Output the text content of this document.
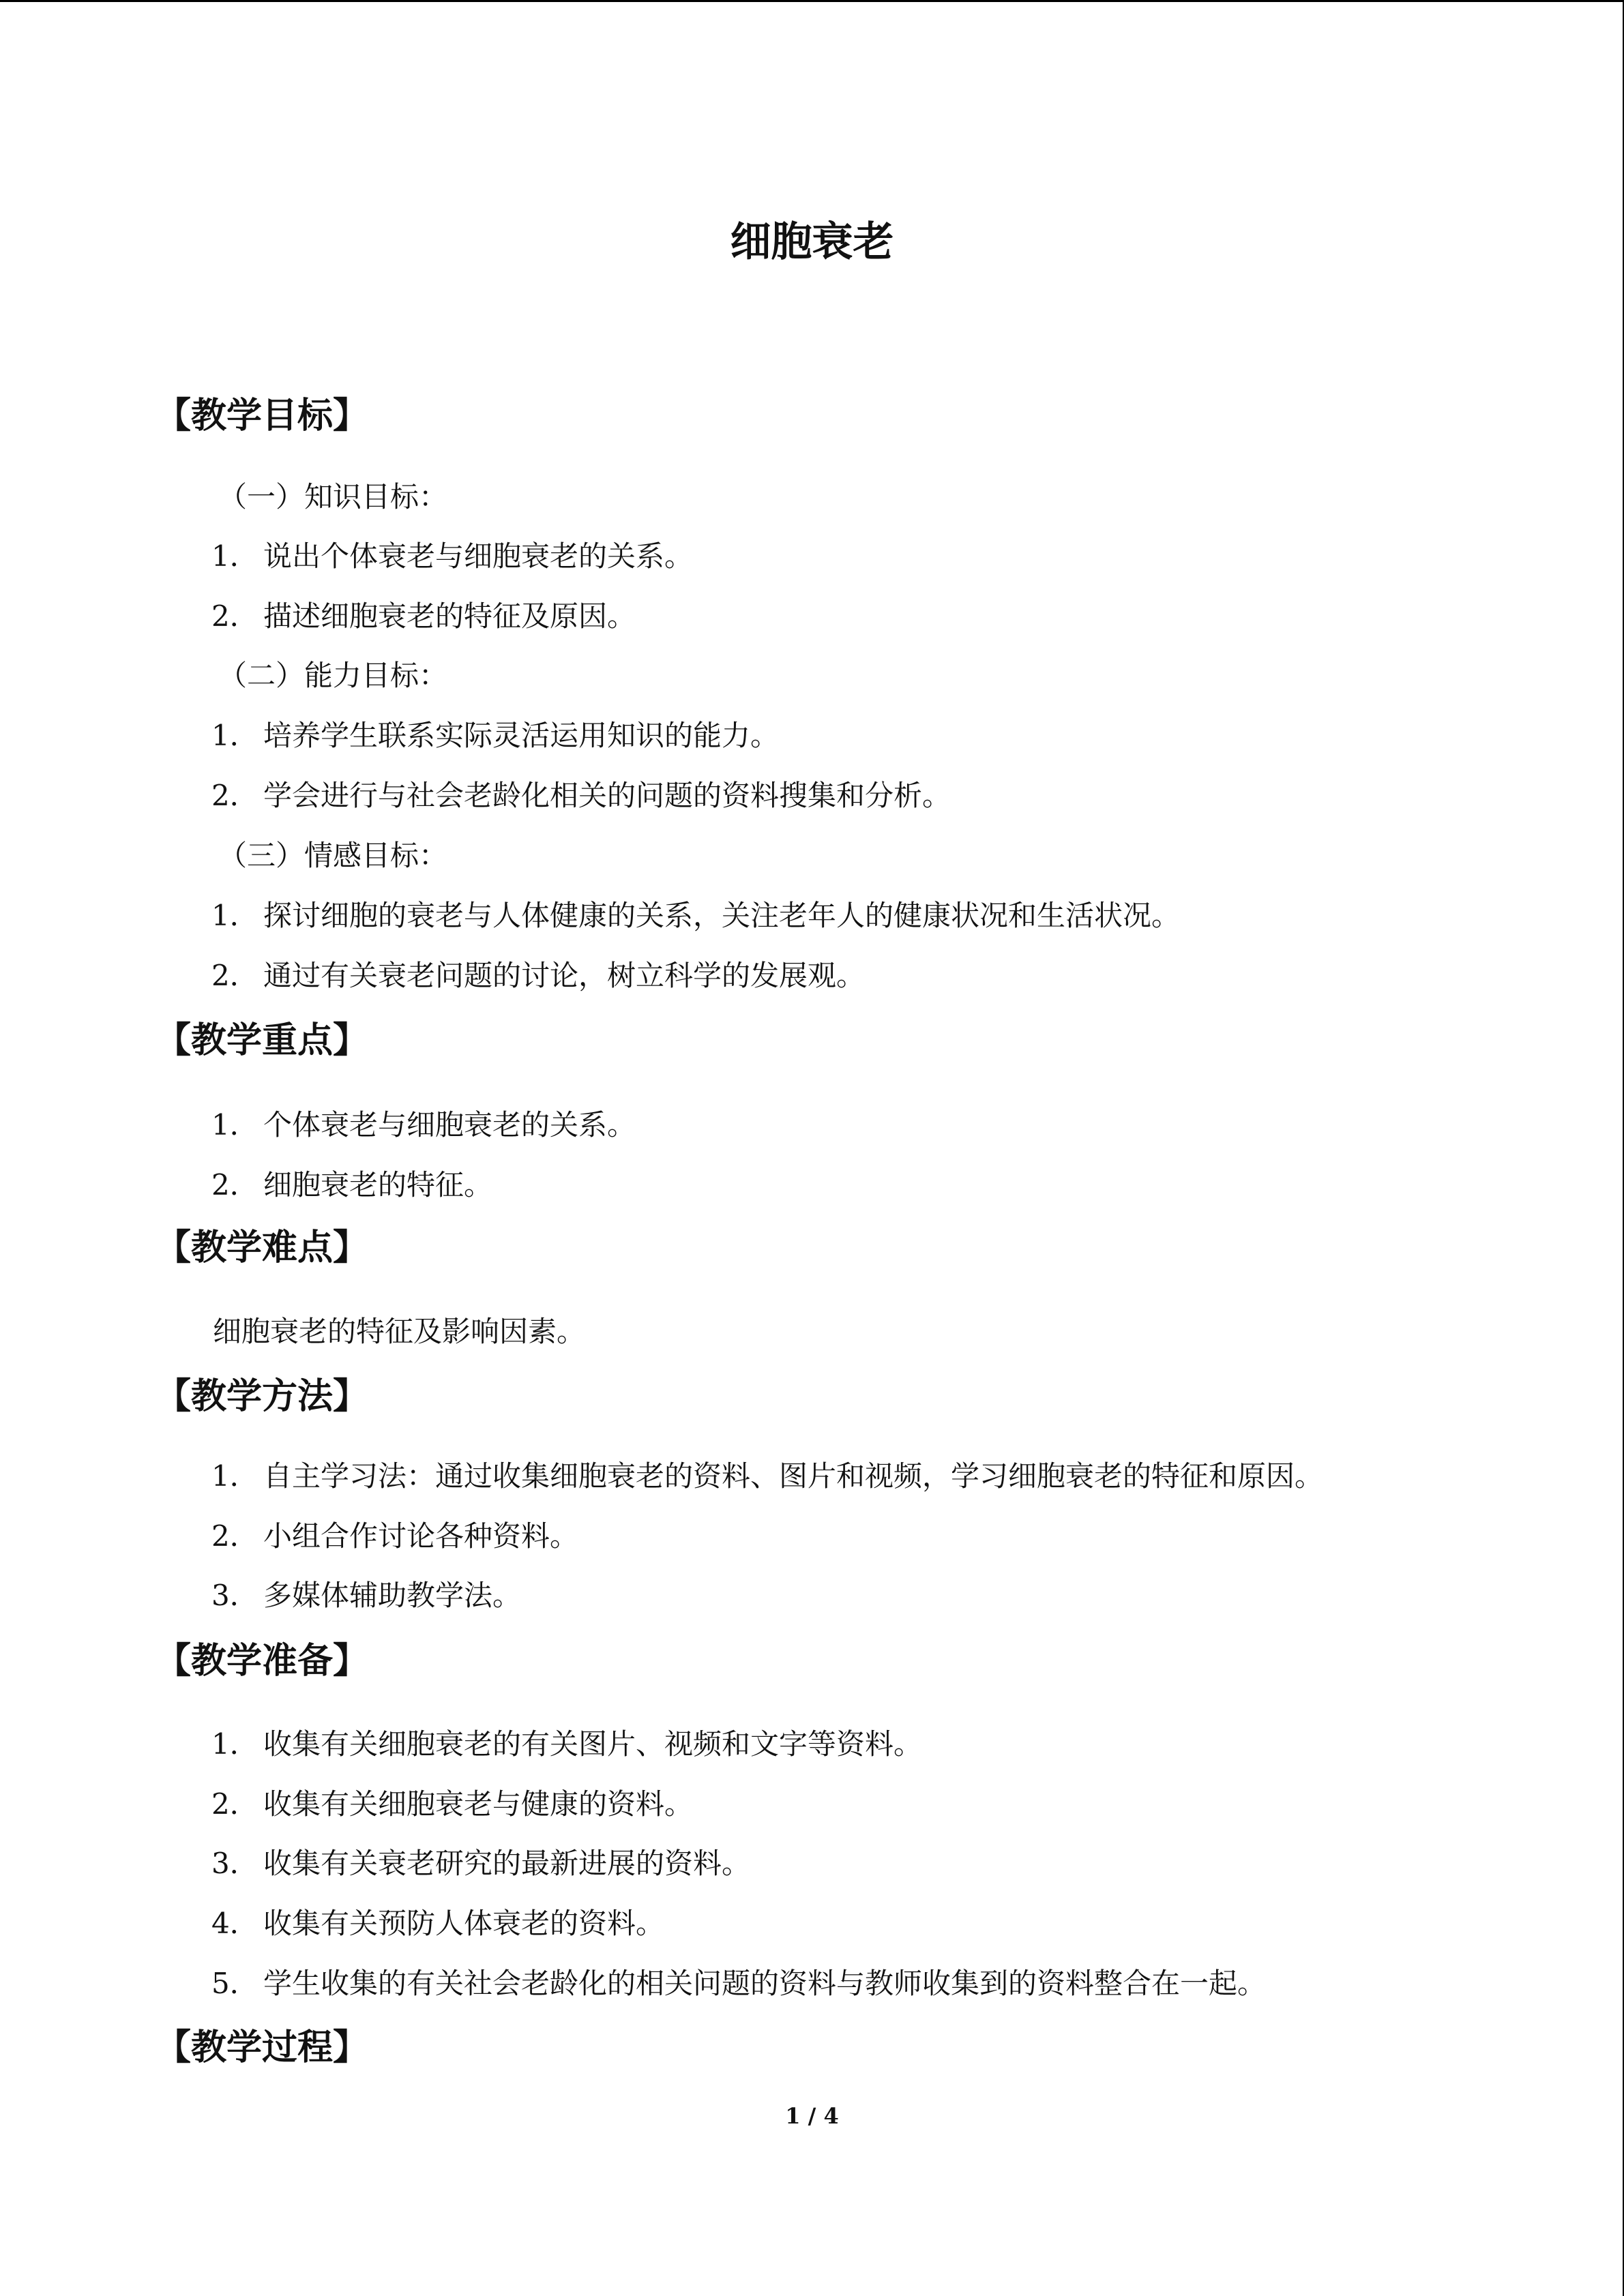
细胞衰老
【教学目标】
（一）知识目标：
1． 说出个体衰老与细胞衰老的关系。
2． 描述细胞衰老的特征及原因。
（二）能力目标：
1． 培养学生联系实际灵活运用知识的能力。
2． 学会进行与社会老龄化相关的问题的资料搜集和分析。
（三）情感目标：
1． 探讨细胞的衰老与人体健康的关系，关注老年人的健康状况和生活状况。
2． 通过有关衰老问题的讨论，树立科学的发展观。
【教学重点】
1． 个体衰老与细胞衰老的关系。
2． 细胞衰老的特征。
【教学难点】
细胞衰老的特征及影响因素。
【教学方法】
1． 自主学习法：通过收集细胞衰老的资料、图片和视频，学习细胞衰老的特征和原因。
2． 小组合作讨论各种资料。
3． 多媒体辅助教学法。
【教学准备】
1． 收集有关细胞衰老的有关图片、视频和文字等资料。
2． 收集有关细胞衰老与健康的资料。
3． 收集有关衰老研究的最新进展的资料。
4． 收集有关预防人体衰老的资料。
5． 学生收集的有关社会老龄化的相关问题的资料与教师收集到的资料整合在一起。
【教学过程】
1 / 4
